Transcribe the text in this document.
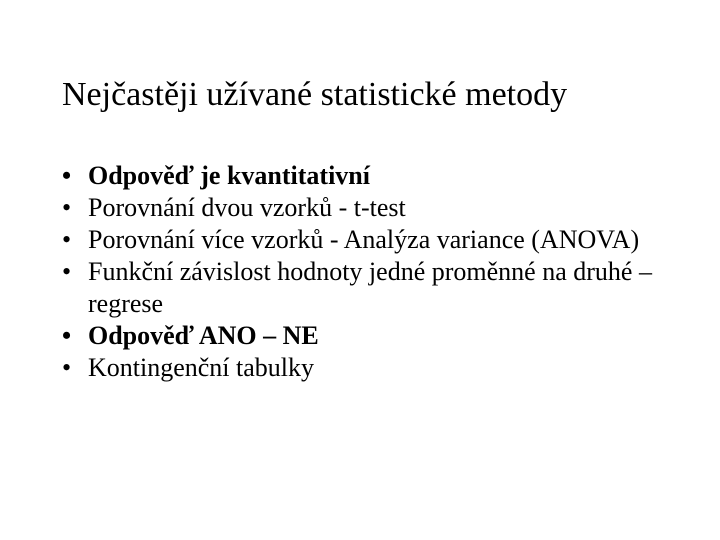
Nejčastěji užívané statistické metody
• Odpověď je kvantitativní
• Porovnání dvou vzorků - t-test
• Porovnání více vzorků - Analýza variance (ANOVA)
• Funkční závislost hodnoty jedné proměnné na druhé – regrese
• Odpověď ANO – NE
• Kontingenční tabulky
